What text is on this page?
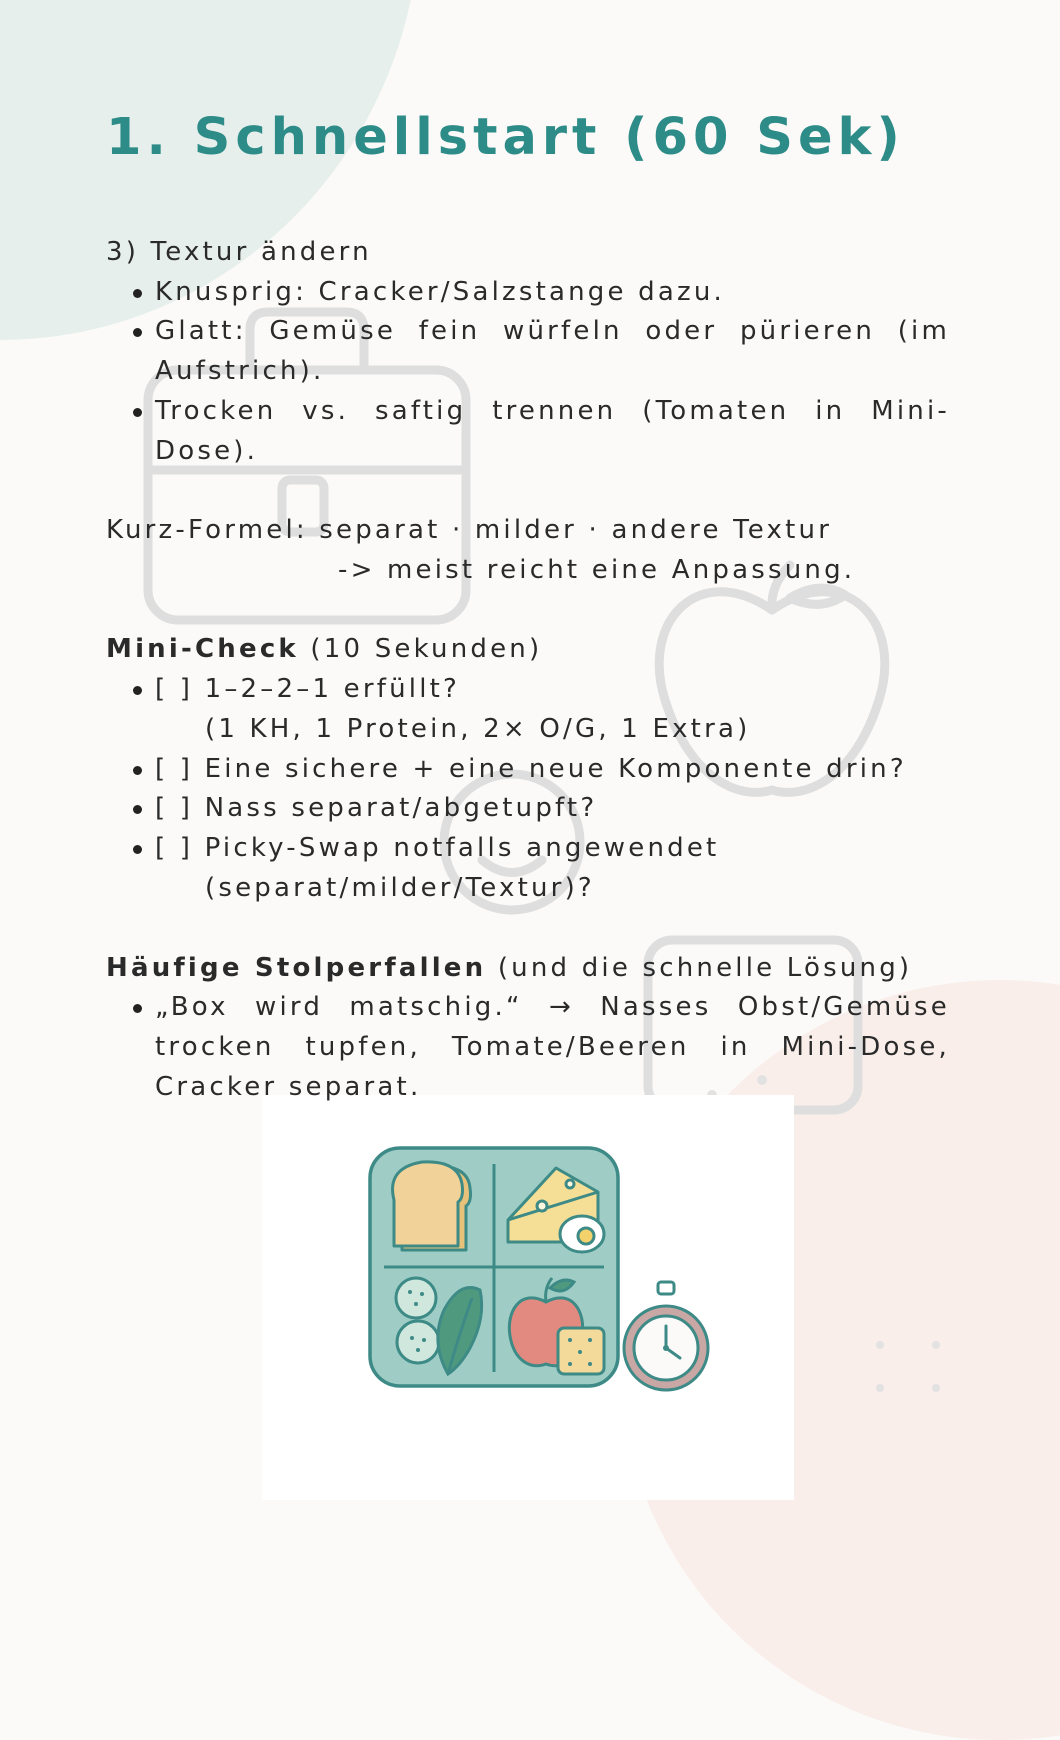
1. Schnellstart (60 Sek)
3) Textur ändern
Knusprig: Cracker/Salzstange dazu.
Glatt: Gemüse fein würfeln oder pürieren (im
Aufstrich).
Trocken vs. saftig trennen (Tomaten in Mini-
Dose).
Kurz-Formel: separat · milder · andere Textur
-> meist reicht eine Anpassung.
Mini-Check (10 Sekunden)
[ ] 1–2–2–1 erfüllt?
(1 KH, 1 Protein, 2× O/G, 1 Extra)
[ ] Eine sichere + eine neue Komponente drin?
[ ] Nass separat/abgetupft?
[ ] Picky-Swap notfalls angewendet
(separat/milder/Textur)?
Häufige Stolperfallen (und die schnelle Lösung)
„Box wird matschig.“ → Nasses Obst/Gemüse
trocken tupfen, Tomate/Beeren in Mini-Dose,
Cracker separat.
